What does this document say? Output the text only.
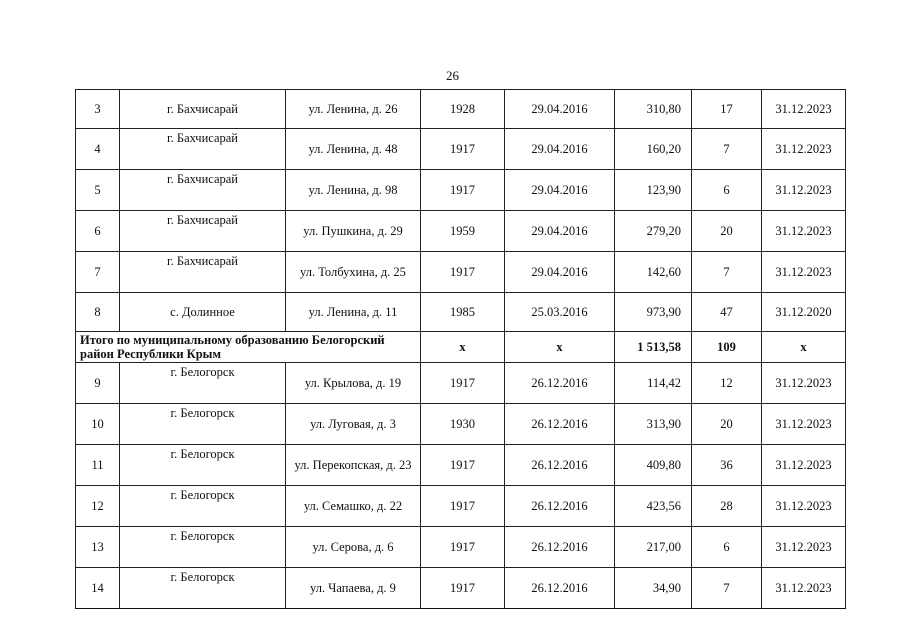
26
3	г. Бахчисарай	ул. Ленина, д. 26	1928	29.04.2016	310,80	17	31.12.2023
4	г. Бахчисарай	ул. Ленина, д. 48	1917	29.04.2016	160,20	7	31.12.2023
5	г. Бахчисарай	ул. Ленина, д. 98	1917	29.04.2016	123,90	6	31.12.2023
6	г. Бахчисарай	ул. Пушкина, д. 29	1959	29.04.2016	279,20	20	31.12.2023
7	г. Бахчисарай	ул. Толбухина, д. 25	1917	29.04.2016	142,60	7	31.12.2023
8	с. Долинное	ул. Ленина, д. 11	1985	25.03.2016	973,90	47	31.12.2020
Итого по муниципальному образованию Белогорский район Республики Крым			х	х	1 513,58	109	х
9	г. Белогорск	ул. Крылова, д. 19	1917	26.12.2016	114,42	12	31.12.2023
10	г. Белогорск	ул. Луговая, д. 3	1930	26.12.2016	313,90	20	31.12.2023
11	г. Белогорск	ул. Перекопская, д. 23	1917	26.12.2016	409,80	36	31.12.2023
12	г. Белогорск	ул. Семашко, д. 22	1917	26.12.2016	423,56	28	31.12.2023
13	г. Белогорск	ул. Серова, д. 6	1917	26.12.2016	217,00	6	31.12.2023
14	г. Белогорск	ул. Чапаева, д. 9	1917	26.12.2016	34,90	7	31.12.2023
